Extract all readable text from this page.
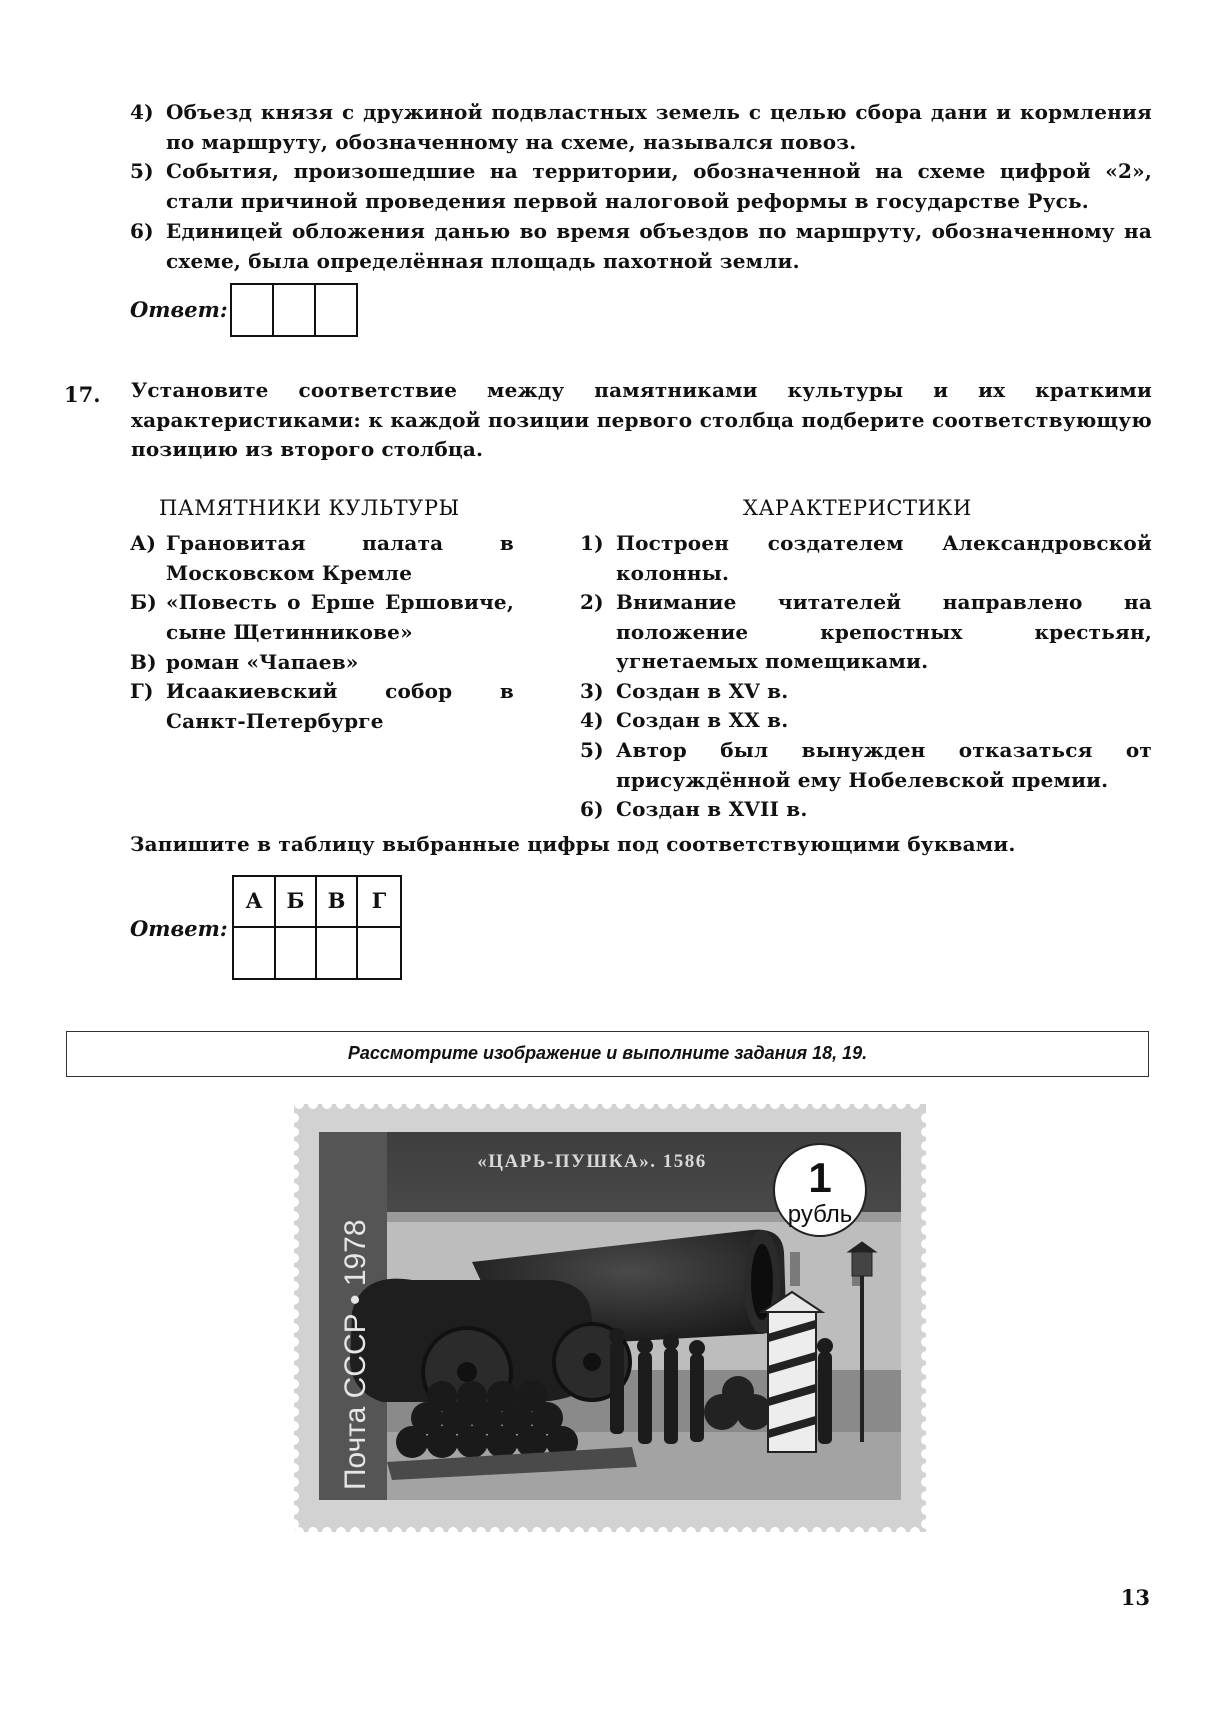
4) Объезд князя с дружиной подвластных земель с целью сбора дани и кормления по маршруту, обозначенному на схеме, назывался повоз.
5) События, произошедшие на территории, обозначенной на схеме цифрой «2», стали причиной проведения первой налоговой реформы в государстве Русь.
6) Единицей обложения данью во время объездов по маршруту, обозначенному на схеме, была определённая площадь пахотной земли.
Ответ:
17. Установите соответствие между памятниками культуры и их краткими характеристиками: к каждой позиции первого столбца подберите соответствующую позицию из второго столбца.
ПАМЯТНИКИ КУЛЬТУРЫ	ХАРАКТЕРИСТИКИ
А) Грановитая палата в Московском Кремле
Б) «Повесть о Ерше Ершовиче, сыне Щетинникове»
В) роман «Чапаев»
Г) Исаакиевский собор в Санкт-Петербурге
1) Построен создателем Александровской колонны.
2) Внимание читателей направлено на положение крепостных крестьян, угнетаемых помещиками.
3) Создан в XV в.
4) Создан в XX в.
5) Автор был вынужден отказаться от присуждённой ему Нобелевской премии.
6) Создан в XVII в.
Запишите в таблицу выбранные цифры под соответствующими буквами.
Ответ:
А	Б	В	Г
Рассмотрите изображение и выполните задания 18, 19.
1
рубль
«ЦАРЬ-ПУШКА». 1586
Почта СССР • 1978
13
